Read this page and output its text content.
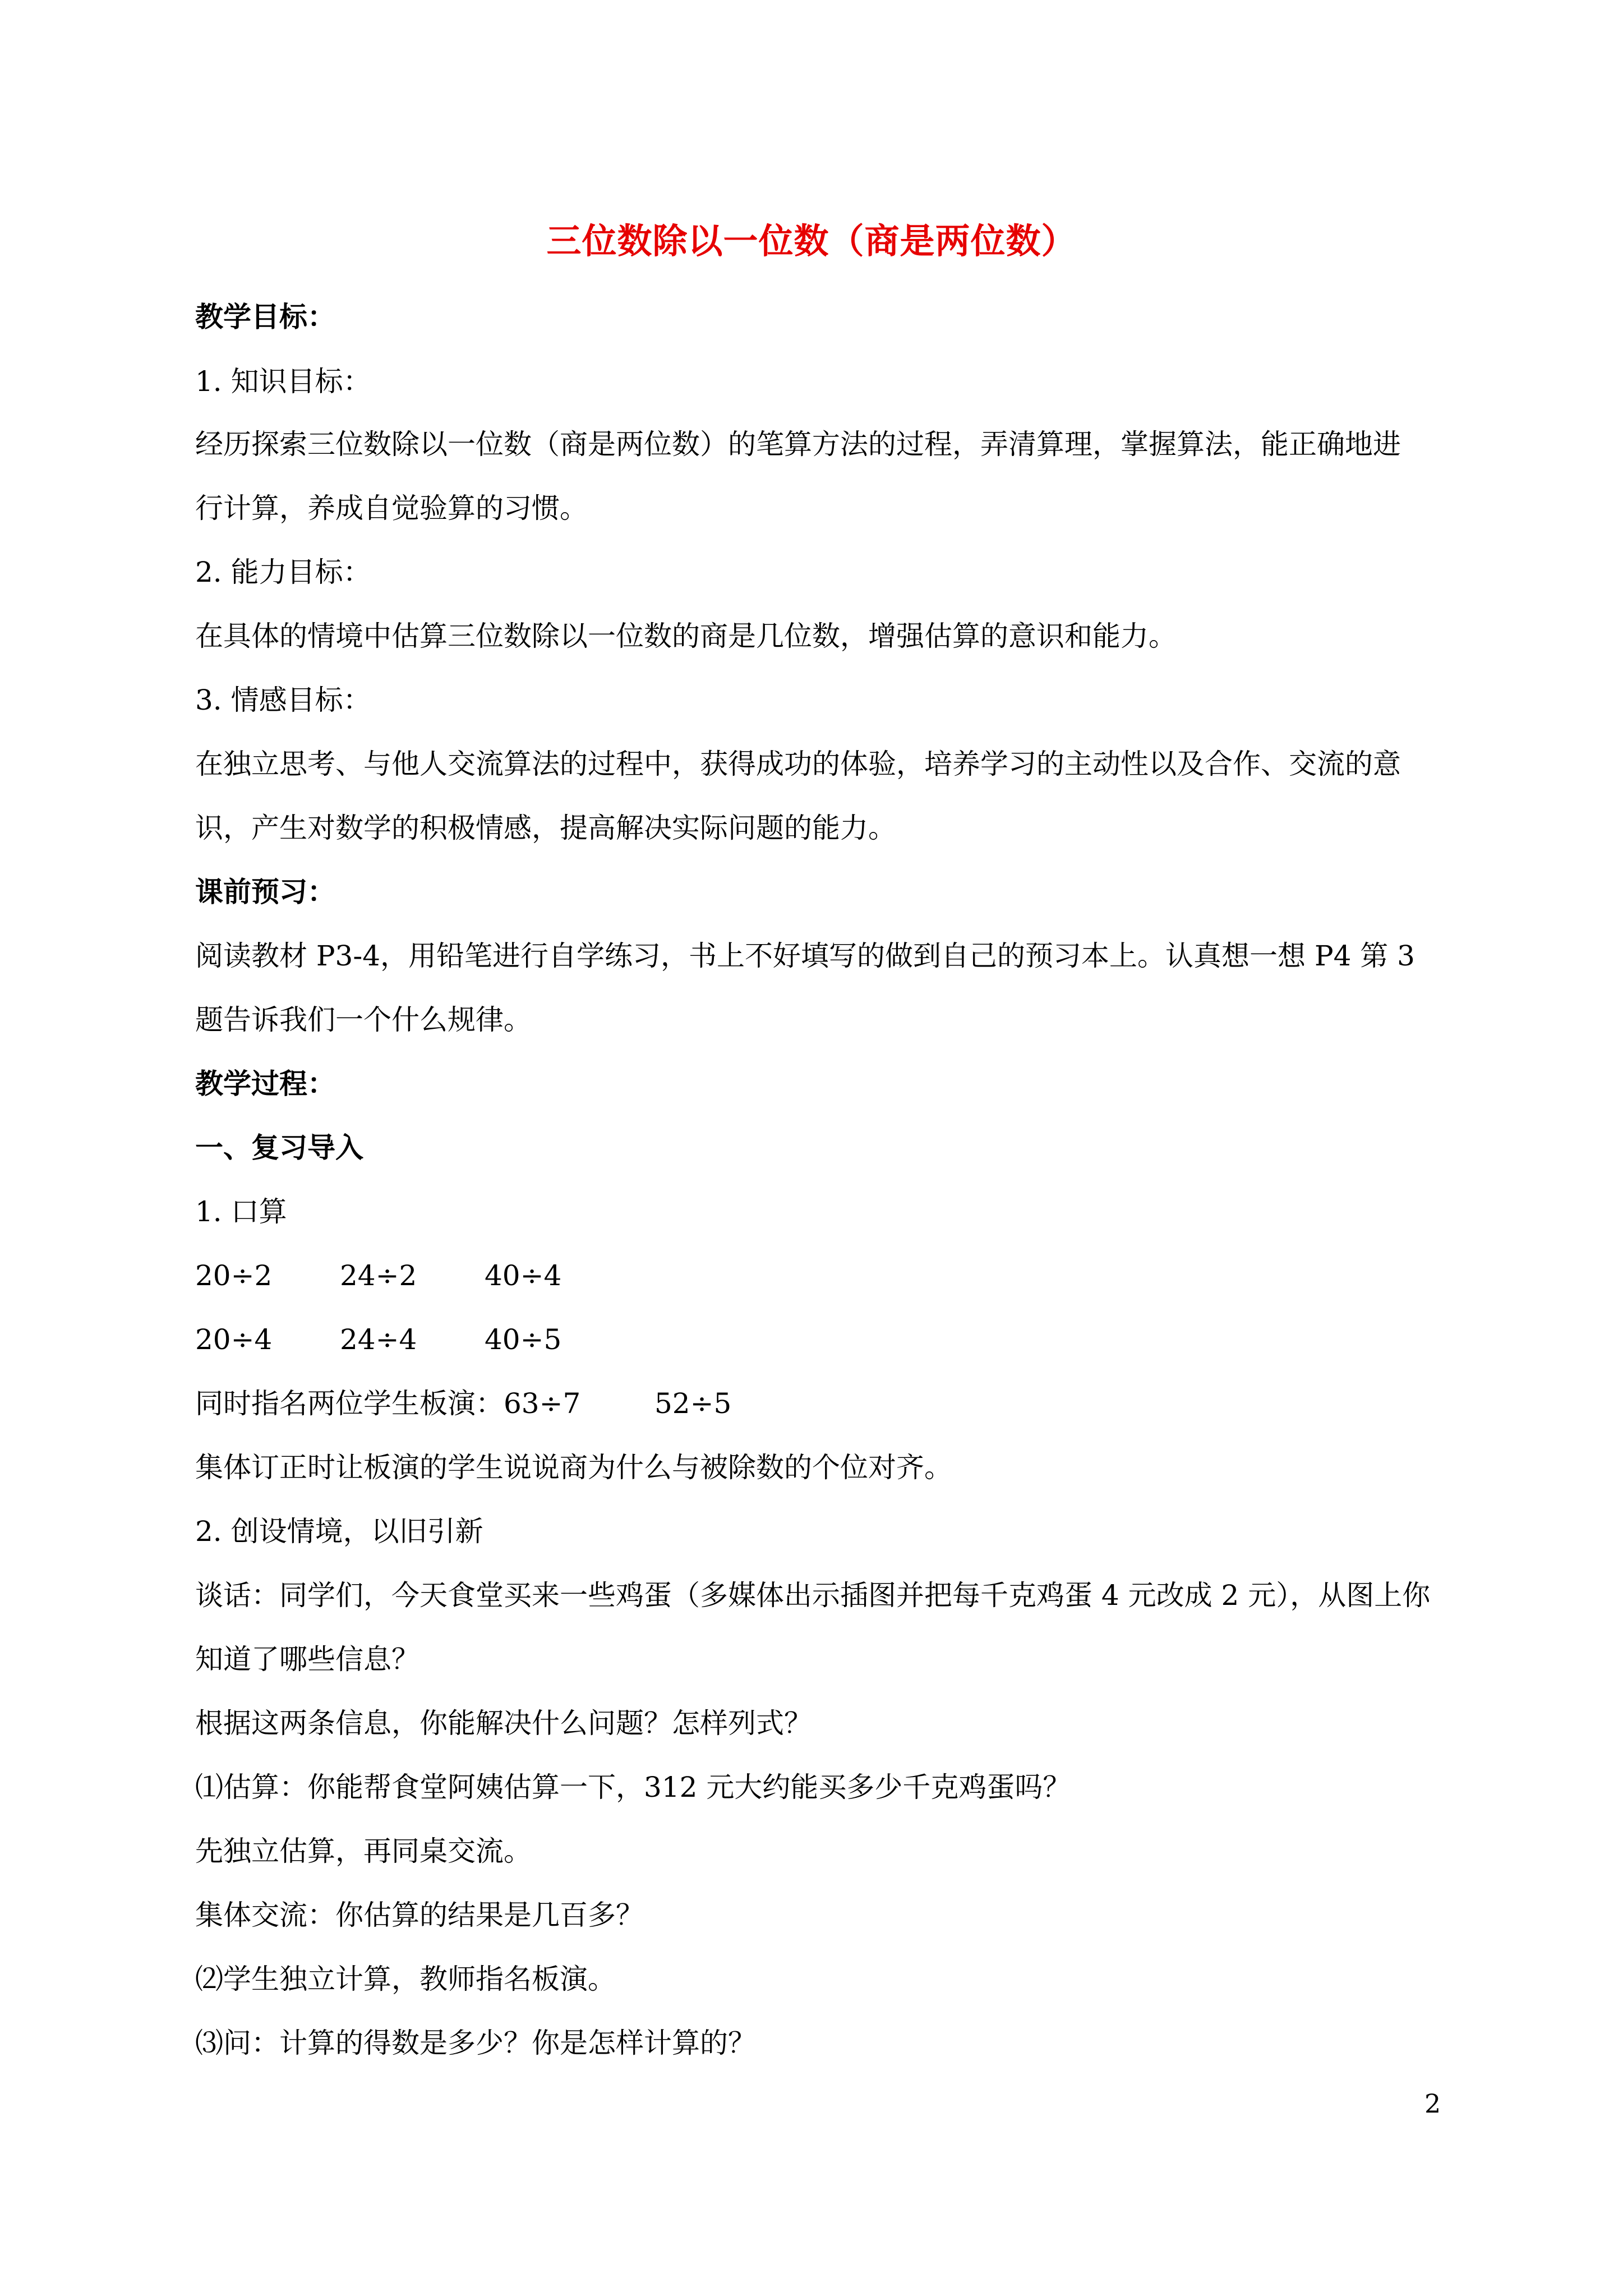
三位数除以一位数（商是两位数）
教学目标：
1. 知识目标：
经历探索三位数除以一位数（商是两位数）的笔算方法的过程，弄清算理，掌握算法，能正确地进
行计算，养成自觉验算的习惯。
2. 能力目标：
在具体的情境中估算三位数除以一位数的商是几位数，增强估算的意识和能力。
3. 情感目标：
在独立思考、与他人交流算法的过程中，获得成功的体验，培养学习的主动性以及合作、交流的意
识，产生对数学的积极情感，提高解决实际问题的能力。
课前预习：
阅读教材 P3-4，用铅笔进行自学练习，书上不好填写的做到自己的预习本上。认真想一想 P4 第 3
题告诉我们一个什么规律。
教学过程：
一、复习导入
1. 口算
20÷2 24÷2 40÷4
20÷4 24÷4 40÷5
同时指名两位学生板演：63÷7	52÷5
集体订正时让板演的学生说说商为什么与被除数的个位对齐。
2. 创设情境，以旧引新
谈话：同学们，今天食堂买来一些鸡蛋（多媒体出示插图并把每千克鸡蛋 4 元改成 2 元），从图上你
知道了哪些信息？
根据这两条信息，你能解决什么问题？怎样列式？
⑴估算：你能帮食堂阿姨估算一下，312 元大约能买多少千克鸡蛋吗？
先独立估算，再同桌交流。
集体交流：你估算的结果是几百多？
⑵学生独立计算，教师指名板演。
⑶问：计算的得数是多少？你是怎样计算的？
2
